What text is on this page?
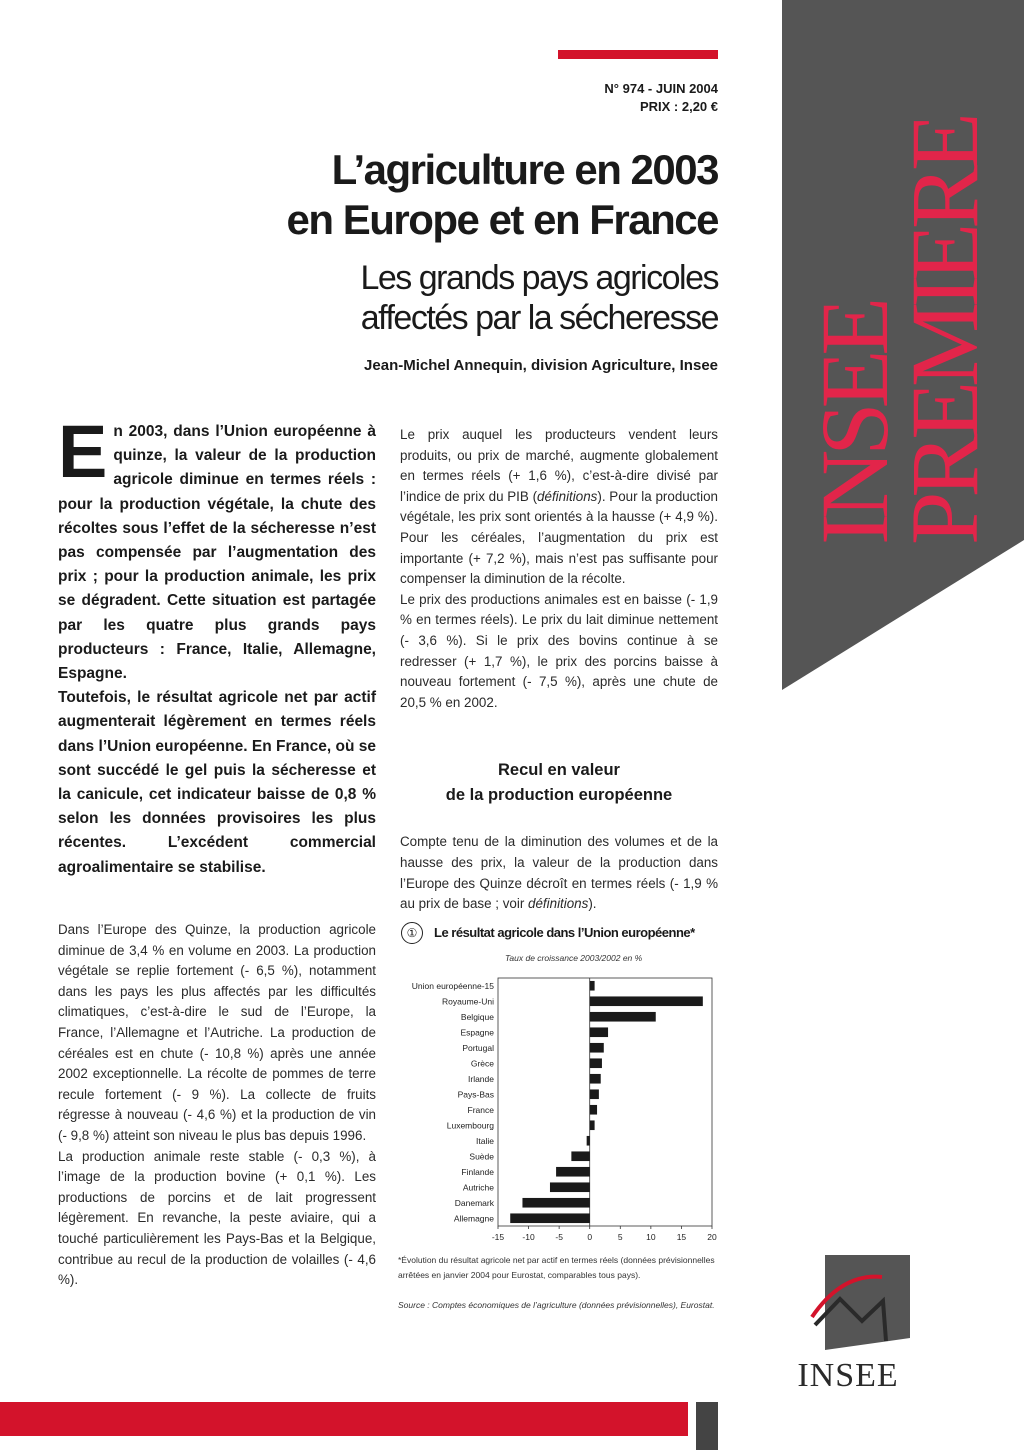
N° 974 - JUIN 2004
PRIX : 2,20 €
L’agriculture en 2003
en Europe et en France
Les grands pays agricoles
affectés par la sécheresse
Jean-Michel Annequin, division Agriculture, Insee INSEE
PREMIERE
E n 2003, dans l’Union européenne à quinze, la valeur de la production agricole diminue en termes réels : pour la production végétale, la chute des récoltes sous l’effet de la sécheresse n’est pas compensée par l’augmentation des prix ; pour la production animale, les prix se dégradent. Cette situation est partagée par les quatre plus grands pays producteurs : France, Italie, Allemagne, Espagne.

Toutefois, le résultat agricole net par actif augmenterait légèrement en termes réels dans l’Union européenne. En France, où se sont succédé le gel puis la sécheresse et la canicule, cet indicateur baisse de 0,8 % selon les données provisoires les plus récentes. L’excédent commercial agroalimentaire se stabilise.

Dans l’Europe des Quinze, la production agricole diminue de 3,4 % en volume en 2003. La production végétale se replie fortement (- 6,5 %), notamment dans les pays les plus affectés par les difficultés climatiques, c’est-à-dire le sud de l’Europe, la France, l’Allemagne et l’Autriche. La production de céréales est en chute (- 10,8 %) après une année 2002 exceptionnelle. La récolte de pommes de terre recule fortement (- 9 %). La collecte de fruits régresse à nouveau (- 4,6 %) et la production de vin (- 9,8 %) atteint son niveau le plus bas depuis 1996.

La production animale reste stable (- 0,3 %), à l’image de la production bovine (+ 0,1 %). Les productions de porcins et de lait progressent légèrement. En revanche, la peste aviaire, qui a touché particulièrement les Pays-Bas et la Belgique, contribue au recul de la production de volailles (- 4,6 %).

Le prix auquel les producteurs vendent leurs produits, ou prix de marché, augmente globalement en termes réels (+ 1,6 %), c’est-à-dire divisé par l’indice de prix du PIB (définitions). Pour la production végétale, les prix sont orientés à la hausse (+ 4,9 %). Pour les céréales, l’augmentation du prix est importante (+ 7,2 %), mais n’est pas suffisante pour compenser la diminution de la récolte.

Le prix des productions animales est en baisse (- 1,9 % en termes réels). Le prix du lait diminue nettement (- 3,6 %). Si le prix des bovins continue à se redresser (+ 1,7 %), le prix des porcins baisse à nouveau fortement (- 7,5 %), après une chute de 20,5 % en 2002.

Recul en valeur
de la production européenne

Compte tenu de la diminution des volumes et de la hausse des prix, la valeur de la production dans l’Europe des Quinze décroît en termes réels (- 1,9 % au prix de base ; voir définitions).

①	Le résultat agricole dans l’Union européenne*
Taux de croissance 2003/2002 en %
Union européenne-15
Royaume-Uni
Belgique
Espagne
Portugal
Grèce
Irlande
Pays-Bas
France
Luxembourg
Italie
Suède
Finlande
Autriche
Danemark
Allemagne
-15 -10 -5	0	5	10 15 20
*Évolution du résultat agricole net par actif en termes réels (données prévisionnelles arrêtées en janvier 2004 pour Eurostat, comparables tous pays).
Source : Comptes économiques de l’agriculture (données prévisionnelles), Eurostat.
INSEE
